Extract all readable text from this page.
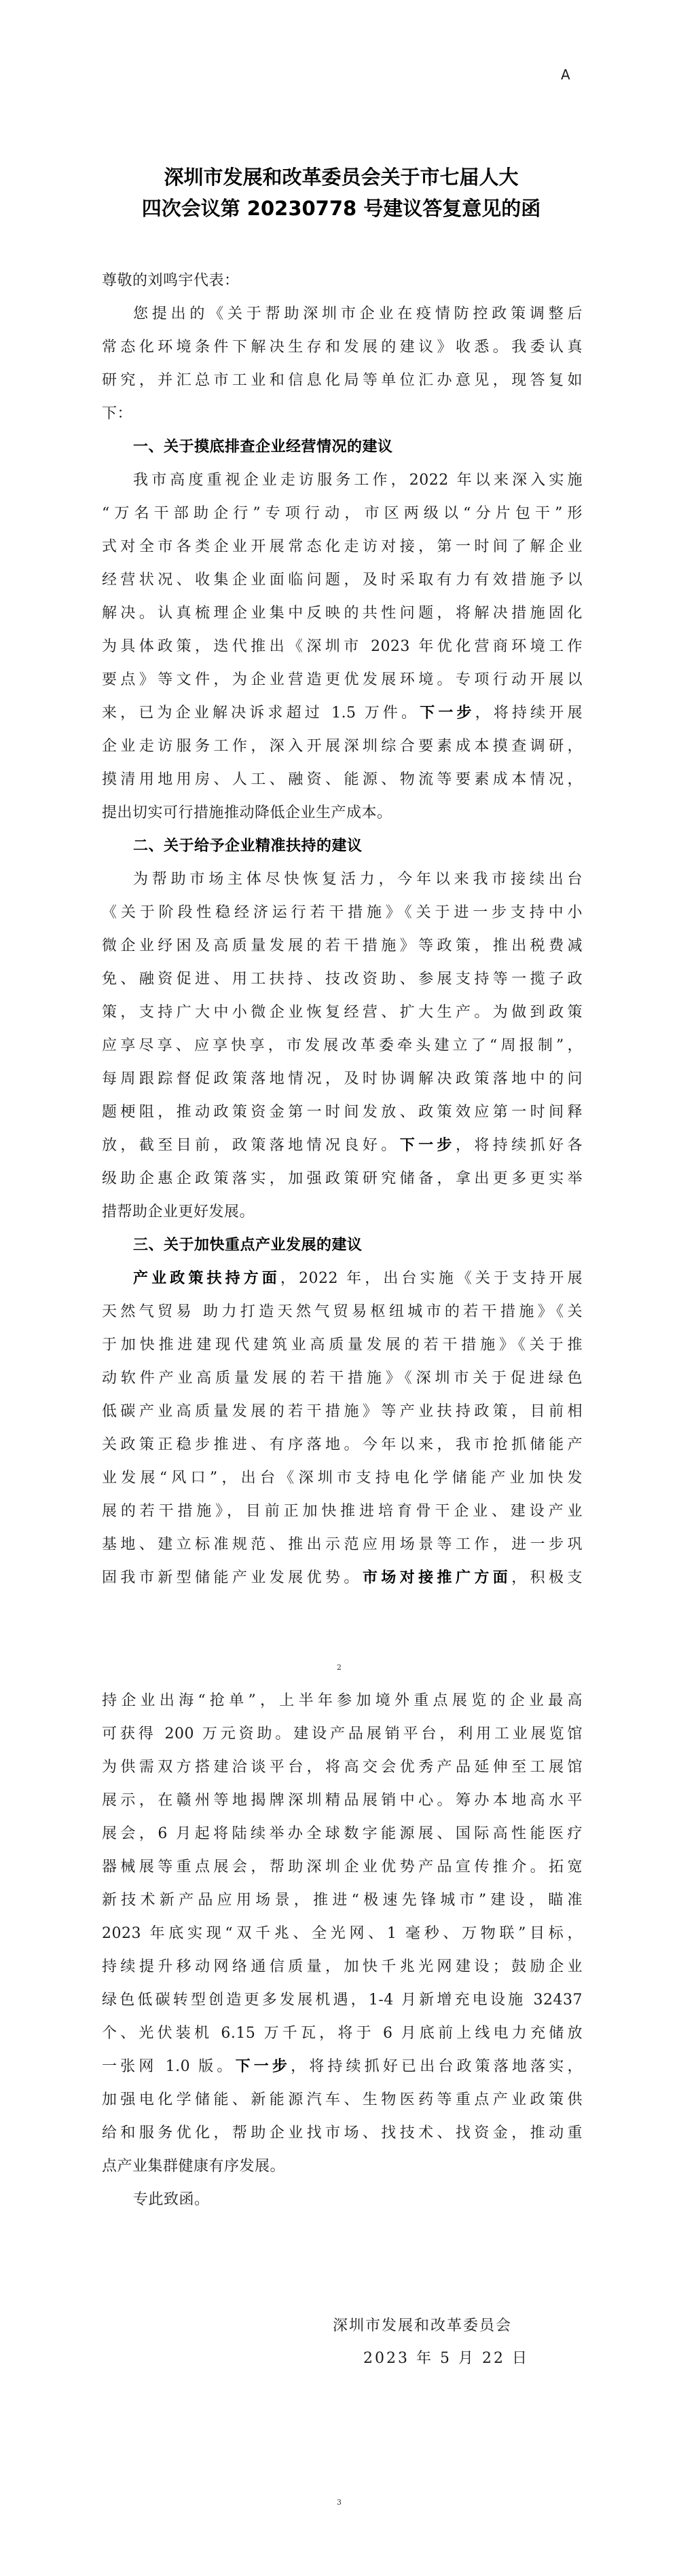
A
深圳市发展和改革委员会关于市七届人大
四次会议第 20230778 号建议答复意见的函
尊敬的刘鸣宇代表：
您提出的《关于帮助深圳市企业在疫情防控政策调整后
常态化环境条件下解决生存和发展的建议》收悉。我委认真
研究，并汇总市工业和信息化局等单位汇办意见，现答复如
下：
一、关于摸底排查企业经营情况的建议
我市高度重视企业走访服务工作，2022 年以来深入实施
“万名干部助企行”专项行动，市区两级以“分片包干”形
式对全市各类企业开展常态化走访对接，第一时间了解企业
经营状况、收集企业面临问题，及时采取有力有效措施予以
解决。认真梳理企业集中反映的共性问题，将解决措施固化
为具体政策，迭代推出《深圳市 2023 年优化营商环境工作
要点》等文件，为企业营造更优发展环境。专项行动开展以
来，已为企业解决诉求超过 1.5 万件。下一步，将持续开展
企业走访服务工作，深入开展深圳综合要素成本摸查调研，
摸清用地用房、人工、融资、能源、物流等要素成本情况，
提出切实可行措施推动降低企业生产成本。
二、关于给予企业精准扶持的建议
为帮助市场主体尽快恢复活力，今年以来我市接续出台
《关于阶段性稳经济运行若干措施》《关于进一步支持中小
微企业纾困及高质量发展的若干措施》等政策，推出税费减
免、融资促进、用工扶持、技改资助、参展支持等一揽子政
策，支持广大中小微企业恢复经营、扩大生产。为做到政策
应享尽享、应享快享，市发展改革委牵头建立了“周报制”，
每周跟踪督促政策落地情况，及时协调解决政策落地中的问
题梗阻，推动政策资金第一时间发放、政策效应第一时间释
放，截至目前，政策落地情况良好。下一步，将持续抓好各
级助企惠企政策落实，加强政策研究储备，拿出更多更实举
措帮助企业更好发展。
三、关于加快重点产业发展的建议
产业政策扶持方面，2022 年，出台实施《关于支持开展
天然气贸易 助力打造天然气贸易枢纽城市的若干措施》《关
于加快推进建现代建筑业高质量发展的若干措施》《关于推
动软件产业高质量发展的若干措施》《深圳市关于促进绿色
低碳产业高质量发展的若干措施》等产业扶持政策，目前相
关政策正稳步推进、有序落地。今年以来，我市抢抓储能产
业发展“风口”，出台《深圳市支持电化学储能产业加快发
展的若干措施》，目前正加快推进培育骨干企业、建设产业
基地、建立标准规范、推出示范应用场景等工作，进一步巩
固我市新型储能产业发展优势。市场对接推广方面，积极支
2
持企业出海“抢单”，上半年参加境外重点展览的企业最高
可获得 200 万元资助。建设产品展销平台，利用工业展览馆
为供需双方搭建洽谈平台，将高交会优秀产品延伸至工展馆
展示，在赣州等地揭牌深圳精品展销中心。筹办本地高水平
展会，6 月起将陆续举办全球数字能源展、国际高性能医疗
器械展等重点展会，帮助深圳企业优势产品宣传推介。拓宽
新技术新产品应用场景，推进“极速先锋城市”建设，瞄准
2023 年底实现“双千兆、全光网、1 毫秒、万物联”目标，
持续提升移动网络通信质量，加快千兆光网建设；鼓励企业
绿色低碳转型创造更多发展机遇，1-4 月新增充电设施 32437
个、光伏装机 6.15 万千瓦，将于 6 月底前上线电力充储放
一张网 1.0 版。下一步，将持续抓好已出台政策落地落实，
加强电化学储能、新能源汽车、生物医药等重点产业政策供
给和服务优化，帮助企业找市场、找技术、找资金，推动重
点产业集群健康有序发展。
专此致函。
深圳市发展和改革委员会
2023 年 5 月 22 日
3
